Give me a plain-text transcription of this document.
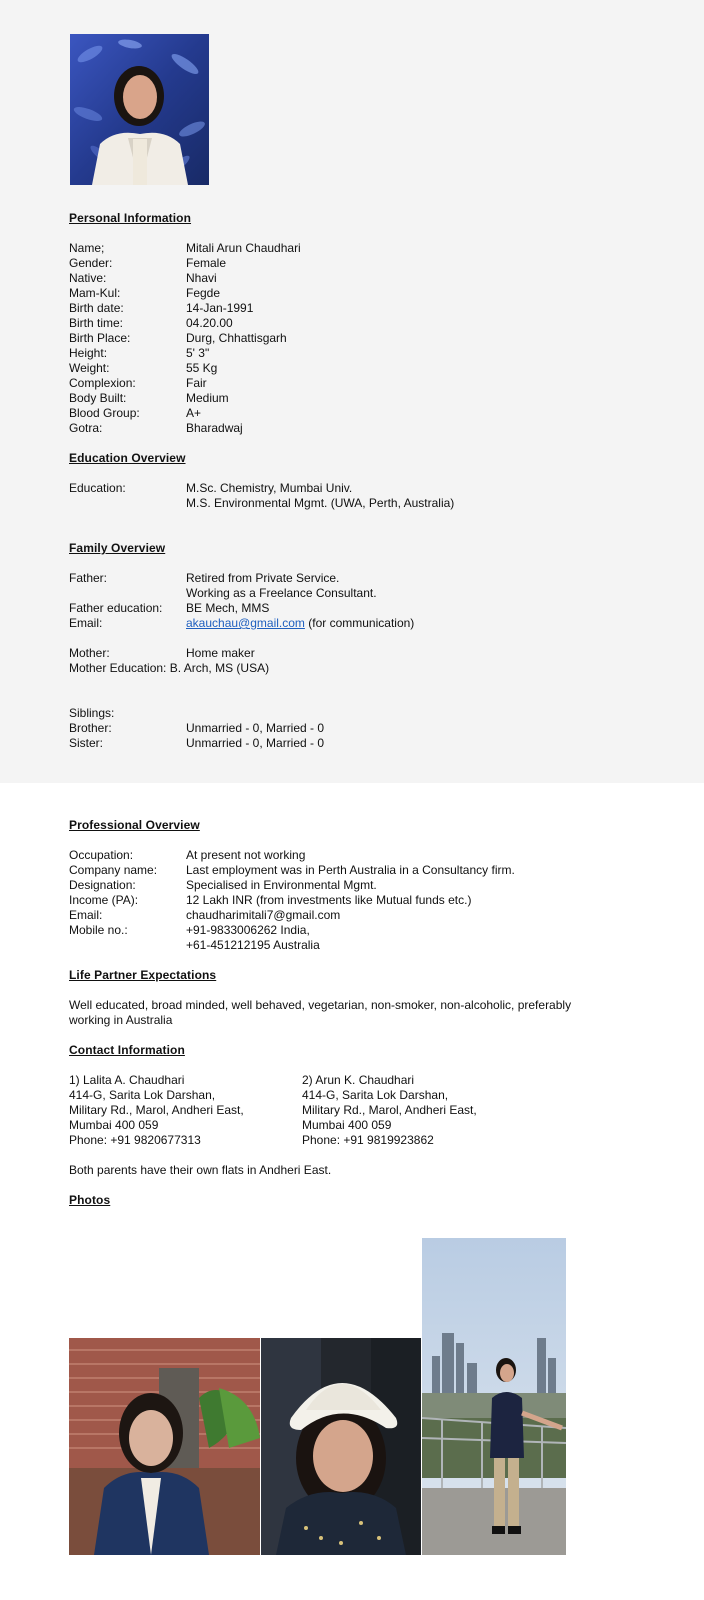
Personal Information
Name;	Mitali Arun Chaudhari
Gender:	Female
Native:	Nhavi
Mam-Kul:	Fegde
Birth date:	14-Jan-1991
Birth time:	04.20.00
Birth Place:	Durg, Chhattisgarh
Height:	5' 3"
Weight:	55 Kg
Complexion:	Fair
Body Built:	Medium
Blood Group:	A+
Gotra:	Bharadwaj
Education Overview
Education:	M.Sc. Chemistry, Mumbai Univ.
M.S. Environmental Mgmt. (UWA, Perth, Australia)
Family Overview
Father:	Retired from Private Service.
Working as a Freelance Consultant.
Father education: BE Mech, MMS
Email:	akauchau@gmail.com (for communication)
Mother:	Home maker
Mother Education: B. Arch, MS (USA)
Siblings:
Brother:	Unmarried - 0, Married - 0
Sister:	Unmarried - 0, Married - 0
Professional Overview
Occupation:	At present not working
Company name: Last employment was in Perth Australia in a Consultancy firm.
Designation:	Specialised in Environmental Mgmt.
Income (PA):	12 Lakh INR (from investments like Mutual funds etc.)
Email:	chaudharimitali7@gmail.com
Mobile no.:	+91-9833006262 India,
+61-451212195 Australia
Life Partner Expectations
Well educated, broad minded, well behaved, vegetarian, non-smoker, non-alcoholic, preferably
working in Australia
Contact Information
1) Lalita A. Chaudhari
414-G, Sarita Lok Darshan,
Military Rd., Marol, Andheri East,
Mumbai 400 059
Phone: +91 9820677313
2) Arun K. Chaudhari
414-G, Sarita Lok Darshan,
Military Rd., Marol, Andheri East,
Mumbai 400 059
Phone: +91 9819923862
Both parents have their own flats in Andheri East.
Photos
